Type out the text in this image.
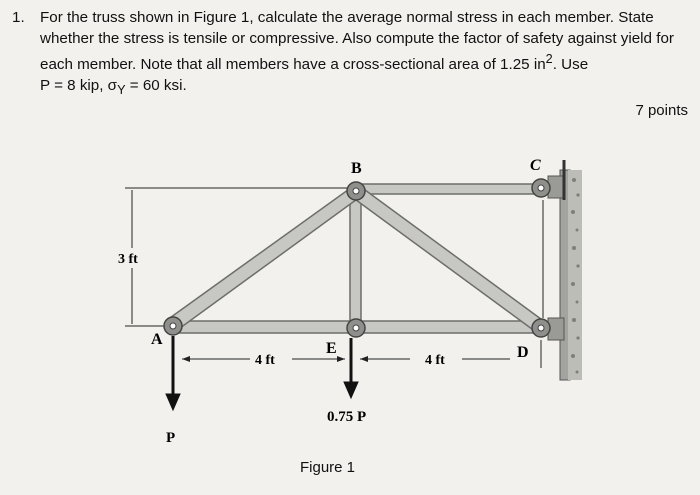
1. For the truss shown in Figure 1, calculate the average normal stress in each member. State whether the stress is tensile or compressive. Also compute the factor of safety against yield for each member. Note that all members have a cross-sectional area of 1.25 $in^2$. Use
P = 8 kip, $\sigma_Y = 60$ ksi.
7 points
B	C
A
E	D
3 ft
4 ft	4 ft
P
0.75 P
Figure 1
